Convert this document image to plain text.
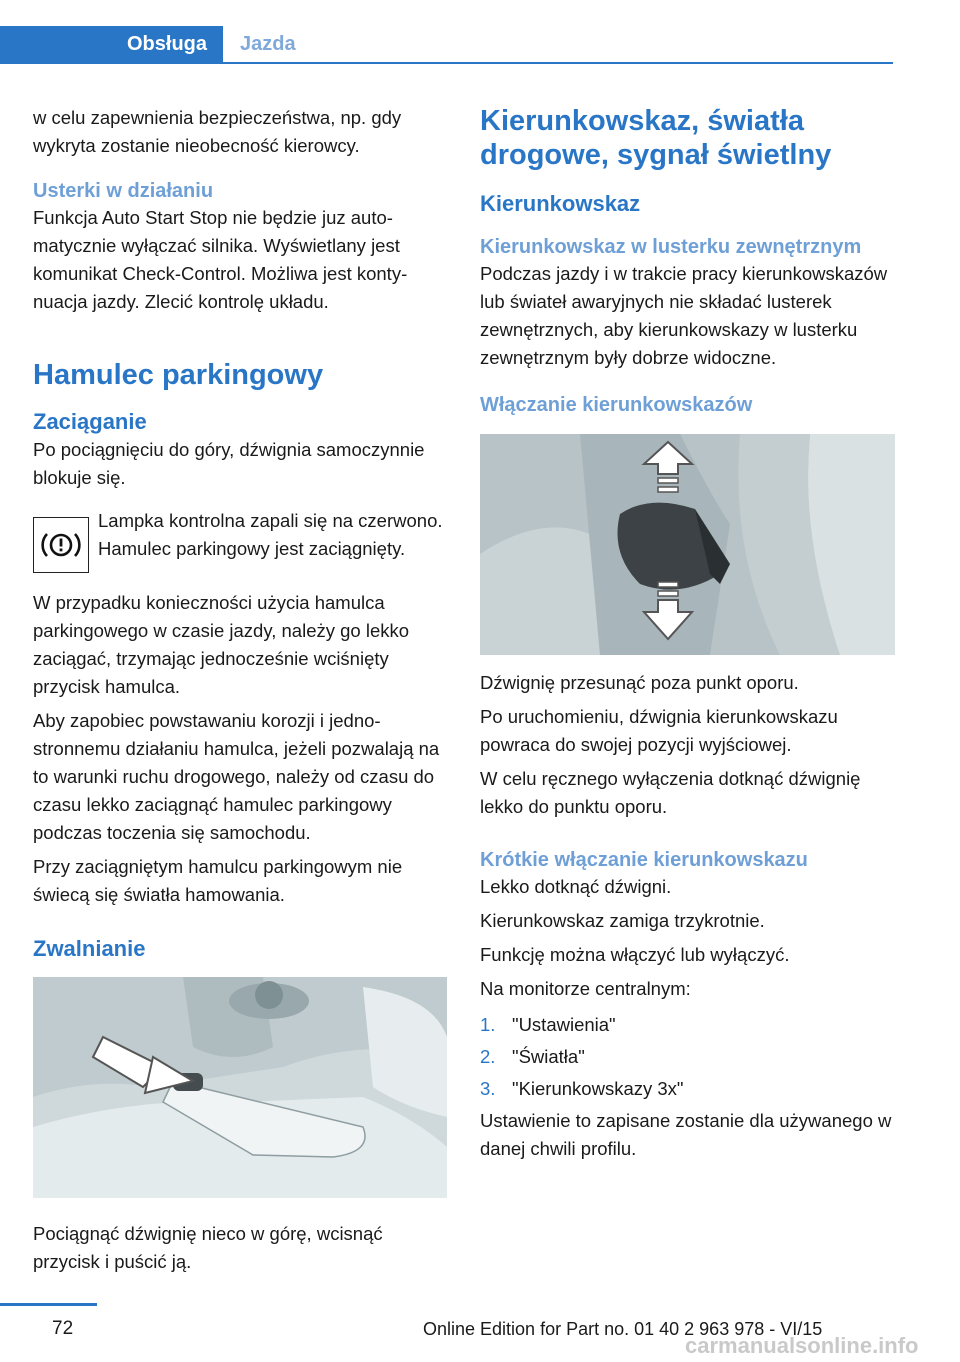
Obsługa	Jazda

w celu zapewnienia bezpieczeństwa, np. gdy wykryta zostanie nieobecność kierowcy.

Usterki w działaniu

Funkcja Auto Start Stop nie będzie juz automatycznie wyłączać silnika. Wyświetlany jest komunikat Check-Control. Możliwa jest kontynuacja jazdy. Zlecić kontrolę układu.

Hamulec parkingowy
Zaciąganie

Po pociągnięciu do góry, dźwignia samoczynnie blokuje się.

Lampka kontrolna zapali się na czerwono. Hamulec parkingowy jest zaciągnięty.

W przypadku konieczności użycia hamulca parkingowego w czasie jazdy, należy go lekko zaciągać, trzymając jednocześnie wciśnięty przycisk hamulca.

Aby zapobiec powstawaniu korozji i jednostronnemu działaniu hamulca, jeżeli pozwalają na to warunki ruchu drogowego, należy od czasu do czasu lekko zaciągnąć hamulec parkingowy podczas toczenia się samochodu.

Przy zaciągniętym hamulcu parkingowym nie świecą się światła hamowania.

Zwalnianie

Pociągnąć dźwignię nieco w górę, wcisnąć przycisk i puścić ją.

Kierunkowskaz, światła drogowe, sygnał świetlny
Kierunkowskaz
Kierunkowskaz w lusterku zewnętrznym

Podczas jazdy i w trakcie pracy kierunkowskazów lub świateł awaryjnych nie składać lusterek zewnętrznych, aby kierunkowskazy w lusterku zewnętrznym były dobrze widoczne.

Włączanie kierunkowskazów

Dźwignię przesunąć poza punkt oporu.

Po uruchomieniu, dźwignia kierunkowskazu powraca do swojej pozycji wyjściowej.

W celu ręcznego wyłączenia dotknąć dźwignię lekko do punktu oporu.

Krótkie włączanie kierunkowskazu

Lekko dotknąć dźwigni.

Kierunkowskaz zamiga trzykrotnie.

Funkcję można włączyć lub wyłączyć.

Na monitorze centralnym:

1. "Ustawienia"
2. "Światła"
3. "Kierunkowskazy 3x"

Ustawienie to zapisane zostanie dla używanego w danej chwili profilu.

72	Online Edition for Part no. 01 40 2 963 978 - VI/15
carmanualsonline.info
